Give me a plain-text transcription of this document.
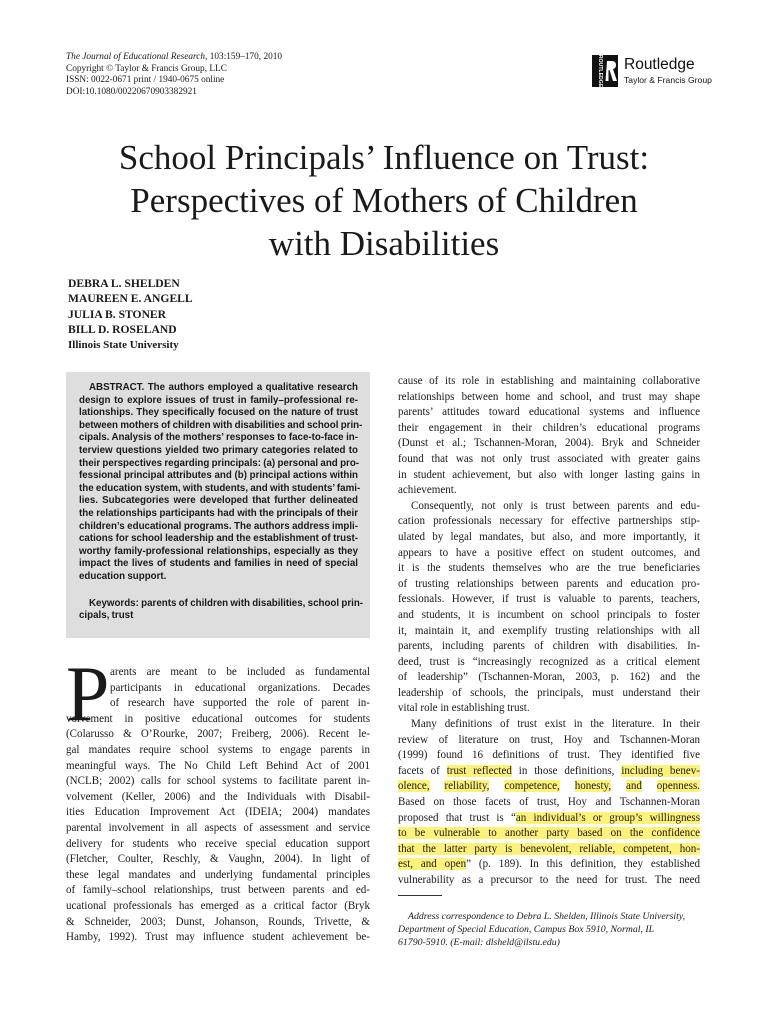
The Journal of Educational Research, 103:159–170, 2010
Copyright © Taylor & Francis Group, LLC
ISSN: 0022-0671 print / 1940-0675 online
DOI:10.1080/00220670903382921
ROUTLEDGE Routledge
Taylor & Francis Group
School Principals’ Influence on Trust:
Perspectives of Mothers of Children
with Disabilities
DEBRA L. SHELDEN
MAUREEN E. ANGELL
JULIA B. STONER
BILL D. ROSELAND
Illinois State University
ABSTRACT. The authors employed a qualitative research
design to explore issues of trust in family–professional re-
lationships. They specifically focused on the nature of trust
between mothers of children with disabilities and school prin-
cipals. Analysis of the mothers’ responses to face-to-face in-
terview questions yielded two primary categories related to
their perspectives regarding principals: (a) personal and pro-
fessional principal attributes and (b) principal actions within
the education system, with students, and with students’ fami-
lies. Subcategories were developed that further delineated
the relationships participants had with the principals of their
children’s educational programs. The authors address impli-
cations for school leadership and the establishment of trust-
worthy family-professional relationships, especially as they
impact the lives of students and families in need of special
education support.
Keywords: parents of children with disabilities, school prin-
cipals, trust
P arents are meant to be included as fundamental
participants in educational organizations. Decades
of research have supported the role of parent in-
volvement in positive educational outcomes for students
(Colarusso & O’Rourke, 2007; Freiberg, 2006). Recent le-
gal mandates require school systems to engage parents in
meaningful ways. The No Child Left Behind Act of 2001
(NCLB; 2002) calls for school systems to facilitate parent in-
volvement (Keller, 2006) and the Individuals with Disabil-
ities Education Improvement Act (IDEIA; 2004) mandates
parental involvement in all aspects of assessment and service
delivery for students who receive special education support
(Fletcher, Coulter, Reschly, & Vaughn, 2004). In light of
these legal mandates and underlying fundamental principles
of family–school relationships, trust between parents and ed-
ucational professionals has emerged as a critical factor (Bryk
& Schneider, 2003; Dunst, Johanson, Rounds, Trivette, &
Hamby, 1992). Trust may influence student achievement be-
cause of its role in establishing and maintaining collaborative
relationships between home and school, and trust may shape
parents’ attitudes toward educational systems and influence
their engagement in their children’s educational programs
(Dunst et al.; Tschannen-Moran, 2004). Bryk and Schneider
found that was not only trust associated with greater gains
in student achievement, but also with longer lasting gains in
achievement.
Consequently, not only is trust between parents and edu-
cation professionals necessary for effective partnerships stip-
ulated by legal mandates, but also, and more importantly, it
appears to have a positive effect on student outcomes, and
it is the students themselves who are the true beneficiaries
of trusting relationships between parents and education pro-
fessionals. However, if trust is valuable to parents, teachers,
and students, it is incumbent on school principals to foster
it, maintain it, and exemplify trusting relationships with all
parents, including parents of children with disabilities. In-
deed, trust is “increasingly recognized as a critical element
of leadership” (Tschannen-Moran, 2003, p. 162) and the
leadership of schools, the principals, must understand their
vital role in establishing trust.
Many definitions of trust exist in the literature. In their
review of literature on trust, Hoy and Tschannen-Moran
(1999) found 16 definitions of trust. They identified five
facets of trust reflected in those definitions, including benev-
olence, reliability, competence, honesty, and openness.
Based on those facets of trust, Hoy and Tschannen-Moran
proposed that trust is “an individual’s or group’s willingness
to be vulnerable to another party based on the confidence
that the latter party is benevolent, reliable, competent, hon-
est, and open” (p. 189). In this definition, they established
vulnerability as a precursor to the need for trust. The need
Address correspondence to Debra L. Shelden, Illinois State University,
Department of Special Education, Campus Box 5910, Normal, IL
61790-5910. (E-mail: dlsheld@ilstu.edu)
